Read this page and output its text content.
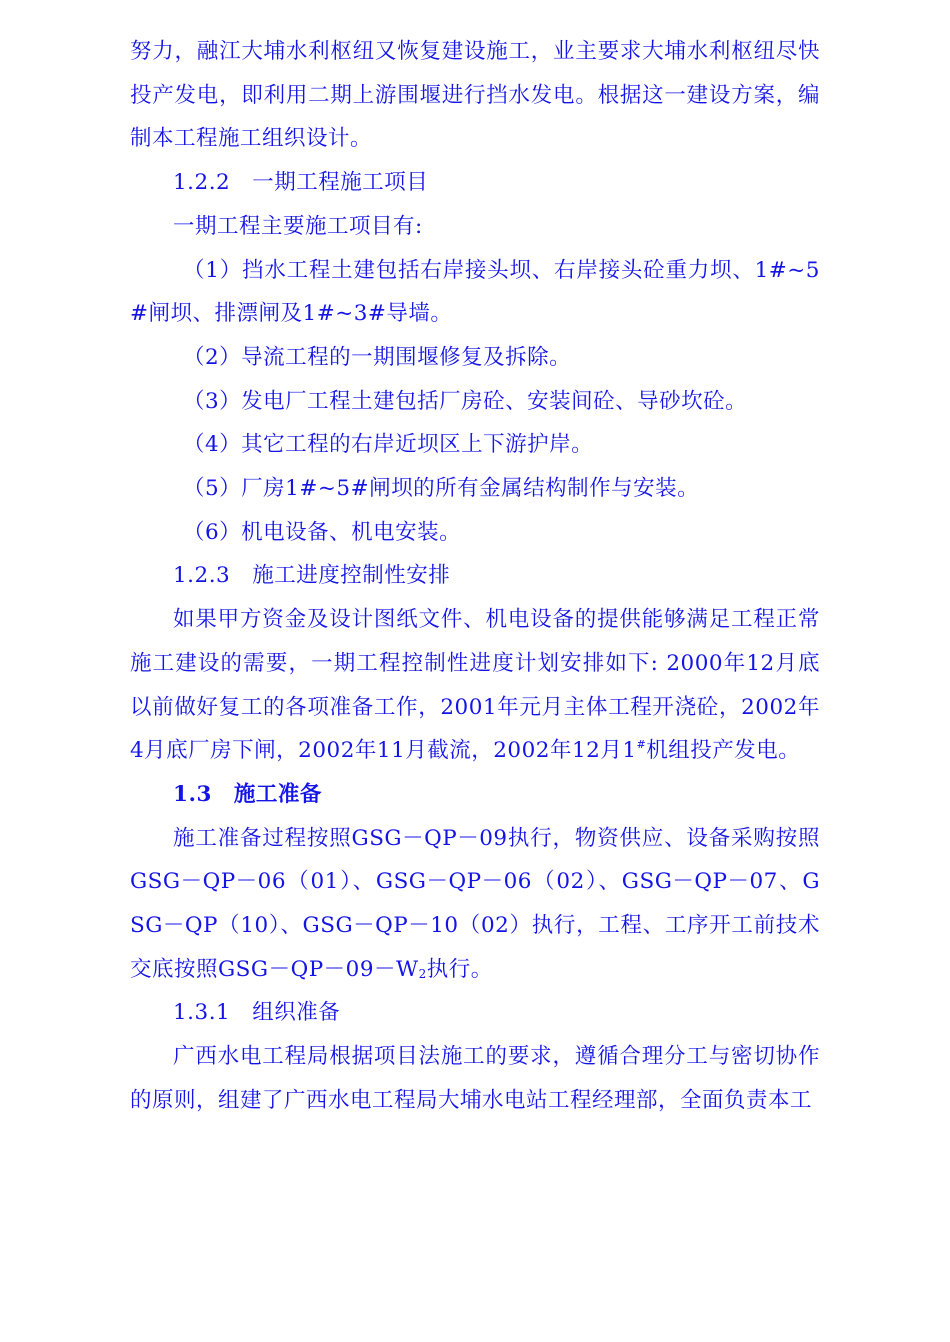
努力，融江大埔水利枢纽又恢复建设施工，业主要求大埔水利枢纽尽快投产发电，即利用二期上游围堰进行挡水发电。根据这一建设方案，编制本工程施工组织设计。

1.2.2　一期工程施工项目

一期工程主要施工项目有:

（1）挡水工程土建包括右岸接头坝、右岸接头砼重力坝、1#~5#闸坝、排漂闸及1#~3#导墙。

（2）导流工程的一期围堰修复及拆除。

（3）发电厂工程土建包括厂房砼、安装间砼、导砂坎砼。

（4）其它工程的右岸近坝区上下游护岸。

（5）厂房1#~5#闸坝的所有金属结构制作与安装。

（6）机电设备、机电安装。

1.2.3　施工进度控制性安排

如果甲方资金及设计图纸文件、机电设备的提供能够满足工程正常施工建设的需要，一期工程控制性进度计划安排如下: 2000年12月底以前做好复工的各项准备工作，2001年元月主体工程开浇砼，2002年4月底厂房下闸，2002年11月截流，2002年12月1#机组投产发电。

1.3　施工准备

施工准备过程按照GSG－QP－09执行，物资供应、设备采购按照GSG－QP－06（01）、GSG－QP－06（02）、GSG－QP－07、GSG－QP（10）、GSG－QP－10（02）执行，工程、工序开工前技术交底按照$GSG-QP-09-W_2$执行。

1.3.1　组织准备

广西水电工程局根据项目法施工的要求，遵循合理分工与密切协作的原则，组建了广西水电工程局大埔水电站工程经理部，全面负责本工
